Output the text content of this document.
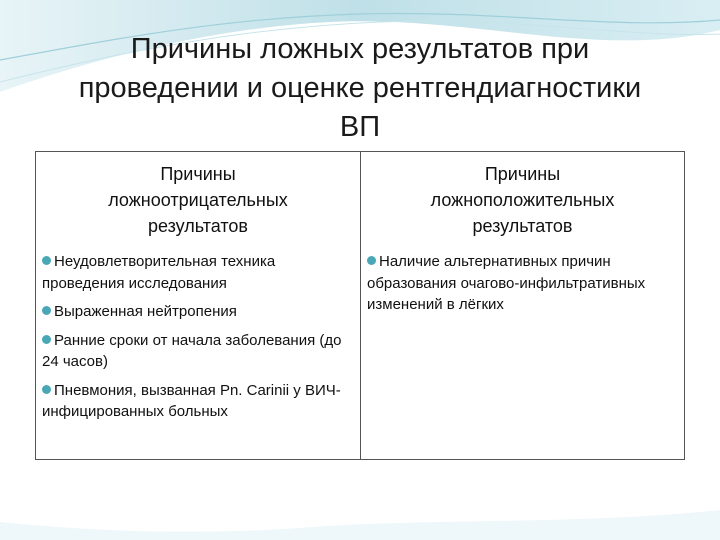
Причины ложных результатов при
проведении и оценке рентгендиагностики
ВП
Причины
ложноотрицательных
результатов
Причины
ложноположительных
результатов
Неудовлетворительная техника проведения исследования
Выраженная нейтропения
Ранние сроки от начала заболевания (до 24 часов)
Пневмония, вызванная Pn. Carinii у ВИЧ-инфицированных больных
Наличие альтернативных причин образования очагово-инфильтративных изменений в лёгких
